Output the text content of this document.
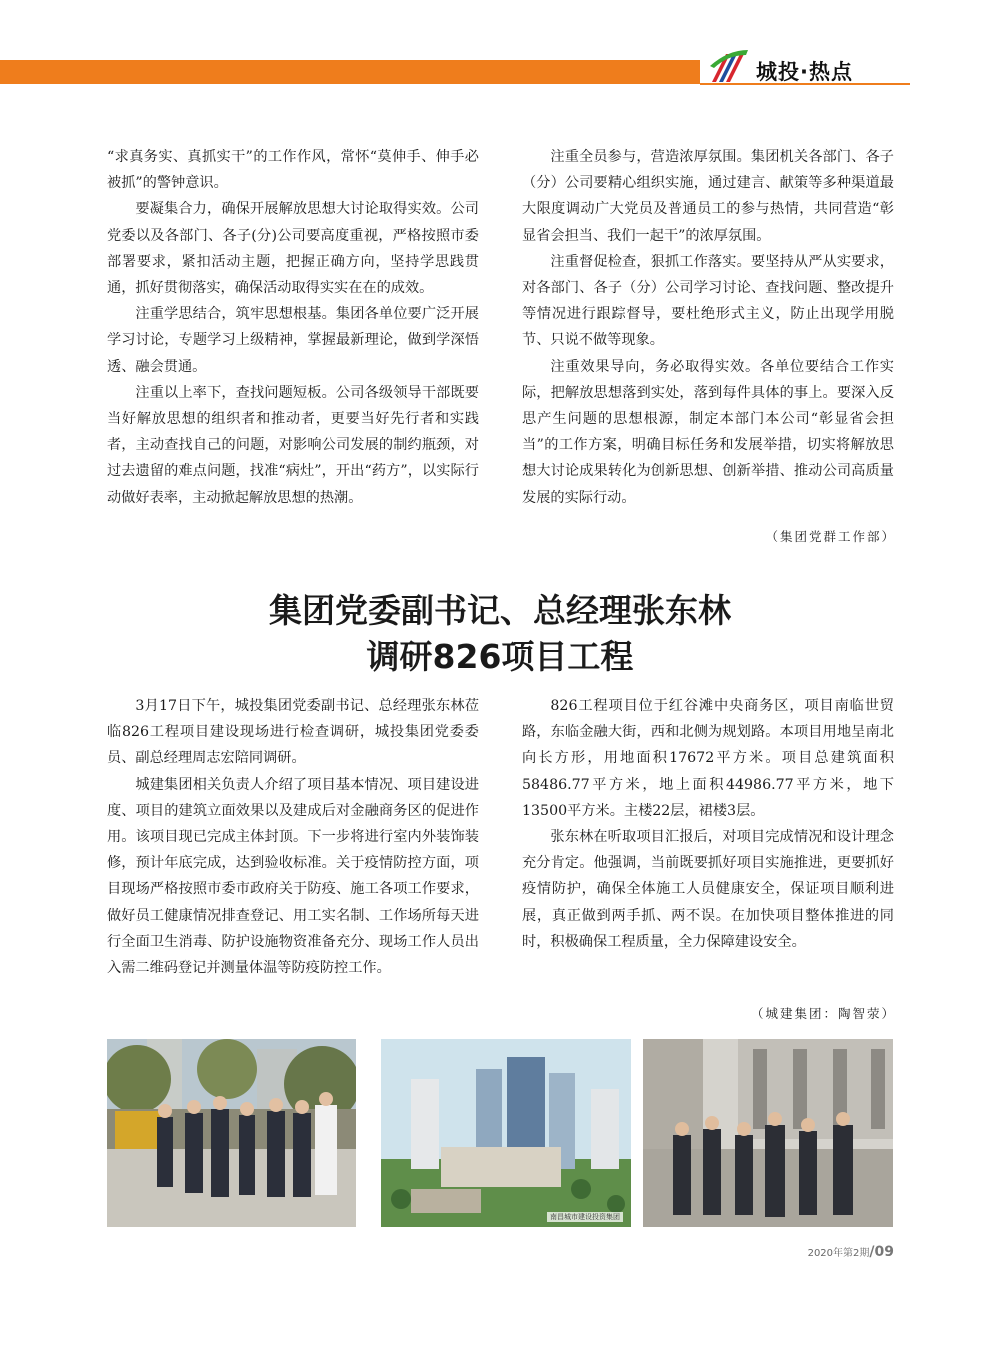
城投·热点

“求真务实、真抓实干”的工作作风，常怀“莫伸手、伸手必被抓”的警钟意识。

要凝集合力，确保开展解放思想大讨论取得实效。公司党委以及各部门、各子(分)公司要高度重视，严格按照市委部署要求，紧扣活动主题，把握正确方向，坚持学思践贯通，抓好贯彻落实，确保活动取得实实在在的成效。

注重学思结合，筑牢思想根基。集团各单位要广泛开展学习讨论，专题学习上级精神，掌握最新理论，做到学深悟透、融会贯通。

注重以上率下，查找问题短板。公司各级领导干部既要当好解放思想的组织者和推动者，更要当好先行者和实践者，主动查找自己的问题，对影响公司发展的制约瓶颈，对过去遗留的难点问题，找准“病灶”，开出“药方”，以实际行动做好表率，主动掀起解放思想的热潮。

注重全员参与，营造浓厚氛围。集团机关各部门、各子（分）公司要精心组织实施，通过建言、献策等多种渠道最大限度调动广大党员及普通员工的参与热情，共同营造“彰显省会担当、我们一起干”的浓厚氛围。

注重督促检查，狠抓工作落实。要坚持从严从实要求，对各部门、各子（分）公司学习讨论、查找问题、整改提升等情况进行跟踪督导，要杜绝形式主义，防止出现学用脱节、只说不做等现象。

注重效果导向，务必取得实效。各单位要结合工作实际，把解放思想落到实处，落到每件具体的事上。要深入反思产生问题的思想根源，制定本部门本公司“彰显省会担当”的工作方案，明确目标任务和发展举措，切实将解放思想大讨论成果转化为创新思想、创新举措、推动公司高质量发展的实际行动。

（集团党群工作部）
集团党委副书记、总经理张东林
调研826项目工程

3月17日下午，城投集团党委副书记、总经理张东林莅临826工程项目建设现场进行检查调研，城投集团党委委员、副总经理周志宏陪同调研。

城建集团相关负责人介绍了项目基本情况、项目建设进度、项目的建筑立面效果以及建成后对金融商务区的促进作用。该项目现已完成主体封顶。下一步将进行室内外装饰装修，预计年底完成，达到验收标准。关于疫情防控方面，项目现场严格按照市委市政府关于防疫、施工各项工作要求，做好员工健康情况排查登记、用工实名制、工作场所每天进行全面卫生消毒、防护设施物资准备充分、现场工作人员出入需二维码登记并测量体温等防疫防控工作。

826工程项目位于红谷滩中央商务区，项目南临世贸路，东临金融大街，西和北侧为规划路。本项目用地呈南北向长方形，用地面积17672平方米。项目总建筑面积58486.77平方米，地上面积44986.77平方米，地下13500平方米。主楼22层，裙楼3层。

张东林在听取项目汇报后，对项目完成情况和设计理念充分肯定。他强调，当前既要抓好项目实施推进，更要抓好疫情防护，确保全体施工人员健康安全，保证项目顺利进展，真正做到两手抓、两不误。在加快项目整体推进的同时，积极确保工程质量，全力保障建设安全。

（城建集团：陶智荥）
南昌城市建设投资集团
2020年第2期/09
